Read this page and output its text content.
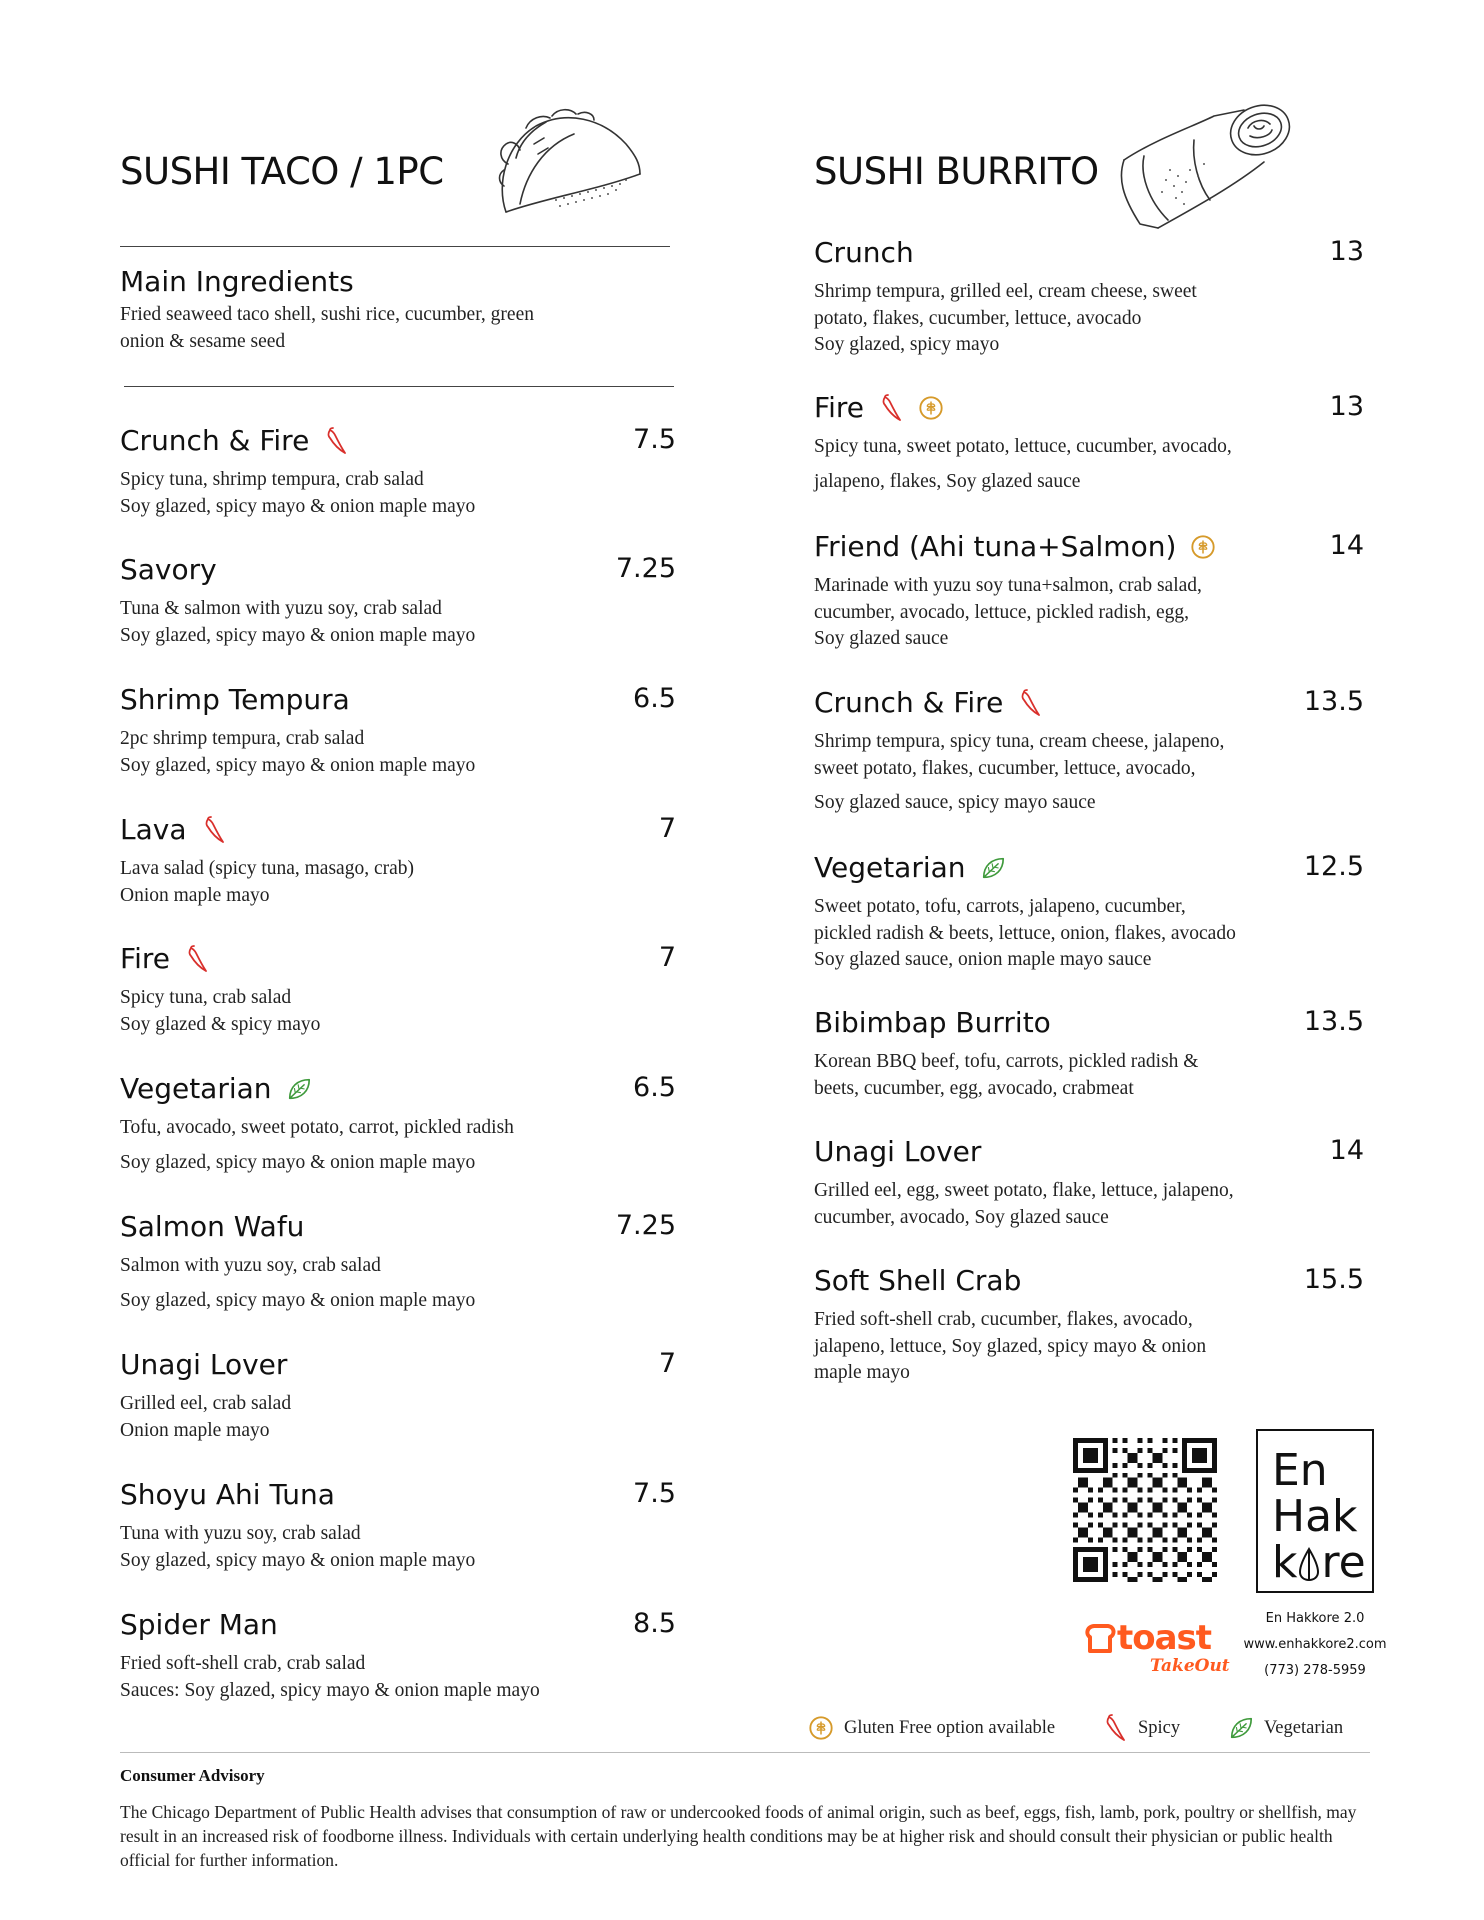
SUSHI TACO / 1PC
Main Ingredients
Fried seaweed taco shell, sushi rice, cucumber, green
onion & sesame seed
Crunch & Fire	7.5
Spicy tuna, shrimp tempura, crab salad
Soy glazed, spicy mayo & onion maple mayo
Savory	7.25
Tuna & salmon with yuzu soy, crab salad
Soy glazed, spicy mayo & onion maple mayo
Shrimp Tempura	6.5
2pc shrimp tempura, crab salad
Soy glazed, spicy mayo & onion maple mayo
Lava	7
Lava salad (spicy tuna, masago, crab)
Onion maple mayo
Fire	7
Spicy tuna, crab salad
Soy glazed & spicy mayo
Vegetarian	6.5
Tofu, avocado, sweet potato, carrot, pickled radish
Soy glazed, spicy mayo & onion maple mayo
Salmon Wafu	7.25
Salmon with yuzu soy, crab salad
Soy glazed, spicy mayo & onion maple mayo
Unagi Lover	7
Grilled eel, crab salad
Onion maple mayo
Shoyu Ahi Tuna	7.5
Tuna with yuzu soy, crab salad
Soy glazed, spicy mayo & onion maple mayo
Spider Man	8.5
Fried soft-shell crab, crab salad
Sauces: Soy glazed, spicy mayo & onion maple mayo
SUSHI BURRITO
Crunch	13
Shrimp tempura, grilled eel, cream cheese, sweet
potato, flakes, cucumber, lettuce, avocado
Soy glazed, spicy mayo
Fire	13
Spicy tuna, sweet potato, lettuce, cucumber, avocado,
jalapeno, flakes, Soy glazed sauce
Friend (Ahi tuna+Salmon)	14
Marinade with yuzu soy tuna+salmon, crab salad,
cucumber, avocado, lettuce, pickled radish, egg,
Soy glazed sauce
Crunch & Fire	13.5
Shrimp tempura, spicy tuna, cream cheese, jalapeno,
sweet potato, flakes, cucumber, lettuce, avocado,
Soy glazed sauce, spicy mayo sauce
Vegetarian	12.5
Sweet potato, tofu, carrots, jalapeno, cucumber,
pickled radish & beets, lettuce, onion, flakes, avocado
Soy glazed sauce, onion maple mayo sauce
Bibimbap Burrito	13.5
Korean BBQ beef, tofu, carrots, pickled radish &
beets, cucumber, egg, avocado, crabmeat
Unagi Lover	14
Grilled eel, egg, sweet potato, flake, lettuce, jalapeno,
cucumber, avocado, Soy glazed sauce
Soft Shell Crab	15.5
Fried soft-shell crab, cucumber, flakes, avocado,
jalapeno, lettuce, Soy glazed, spicy mayo & onion
maple mayo
En
Hak
k re
En Hakkore 2.0
www.enhakkore2.com
(773) 278-5959
toast
TakeOut
Gluten Free option available	Spicy	Vegetarian
Consumer Advisory
The Chicago Department of Public Health advises that consumption of raw or undercooked foods of animal origin, such as beef, eggs, fish, lamb, pork, poultry or shellfish, may result in an increased risk of foodborne illness. Individuals with certain underlying health conditions may be at higher risk and should consult their physician or public health official for further information.
